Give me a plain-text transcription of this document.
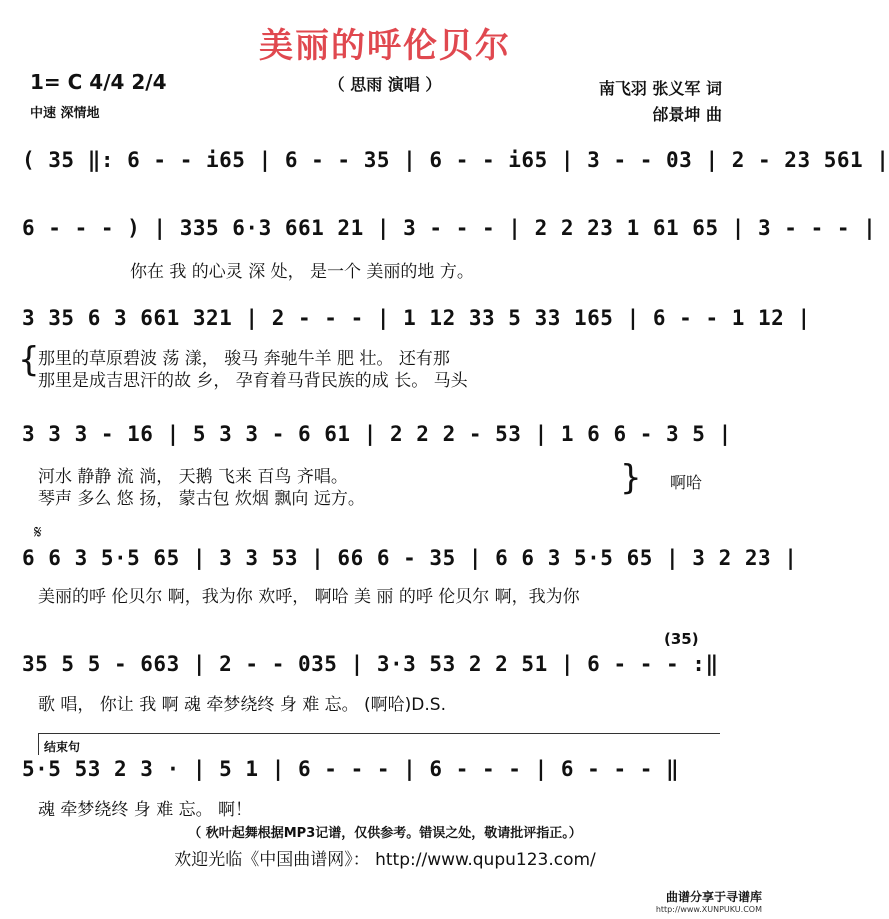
美丽的呼伦贝尔
（ 思雨 演唱 ）
1= C 4/4 2/4
中速 深情地
南飞羽 张义军 词
邰景坤 曲
( 35 ‖: 6 - - i65 | 6 - - 35 | 6 - - i65 | 3 - - 03 | 2 - 23 561 |
6 - - - ) | 335 6·3 661 21 | 3 - - - | 2 2 23 1 61 65 | 3 - - - |
你在 我 的心灵 深 处， 是一个 美丽的地 方。
3 35 6 3 661 321 | 2 - - - | 1 12 33 5 33 165 | 6 - - 1 12 |
{
那里的草原碧波 荡 漾， 骏马 奔驰牛羊 肥 壮。 还有那
那里是成吉思汗的故 乡， 孕育着马背民族的成 长。 马头
3 3 3 - 16 | 5 3 3 - 6 61 | 2 2 2 - 53 | 1 6 6 - 3 5 |
河水 静静 流 淌， 天鹅 飞来 百鸟 齐唱。
琴声 多么 悠 扬， 蒙古包 炊烟 飘向 远方。
} 啊哈
𝄋
6 6 3 5·5 65 | 3 3 53 | 66 6 - 35 | 6 6 3 5·5 65 | 3 2 23 |
美丽的呼 伦贝尔 啊，我为你 欢呼， 啊哈 美 丽 的呼 伦贝尔 啊，我为你
(35)
35 5 5 - 663 | 2 - - 035 | 3·3 53 2 2 51 | 6 - - - :‖
歌 唱， 你让 我 啊 魂 牵梦绕终 身 难 忘。 (啊哈)D.S.
结束句
5·5 53 2 3 · | 5 1 | 6 - - - | 6 - - - | 6 - - - ‖
魂 牵梦绕终 身 难 忘。 啊！
（ 秋叶起舞根据MP3记谱，仅供参考。错误之处，敬请批评指正。）
欢迎光临《中国曲谱网》： http://www.qupu123.com/
曲谱分享于寻谱库
http://www.XUNPUKU.COM
